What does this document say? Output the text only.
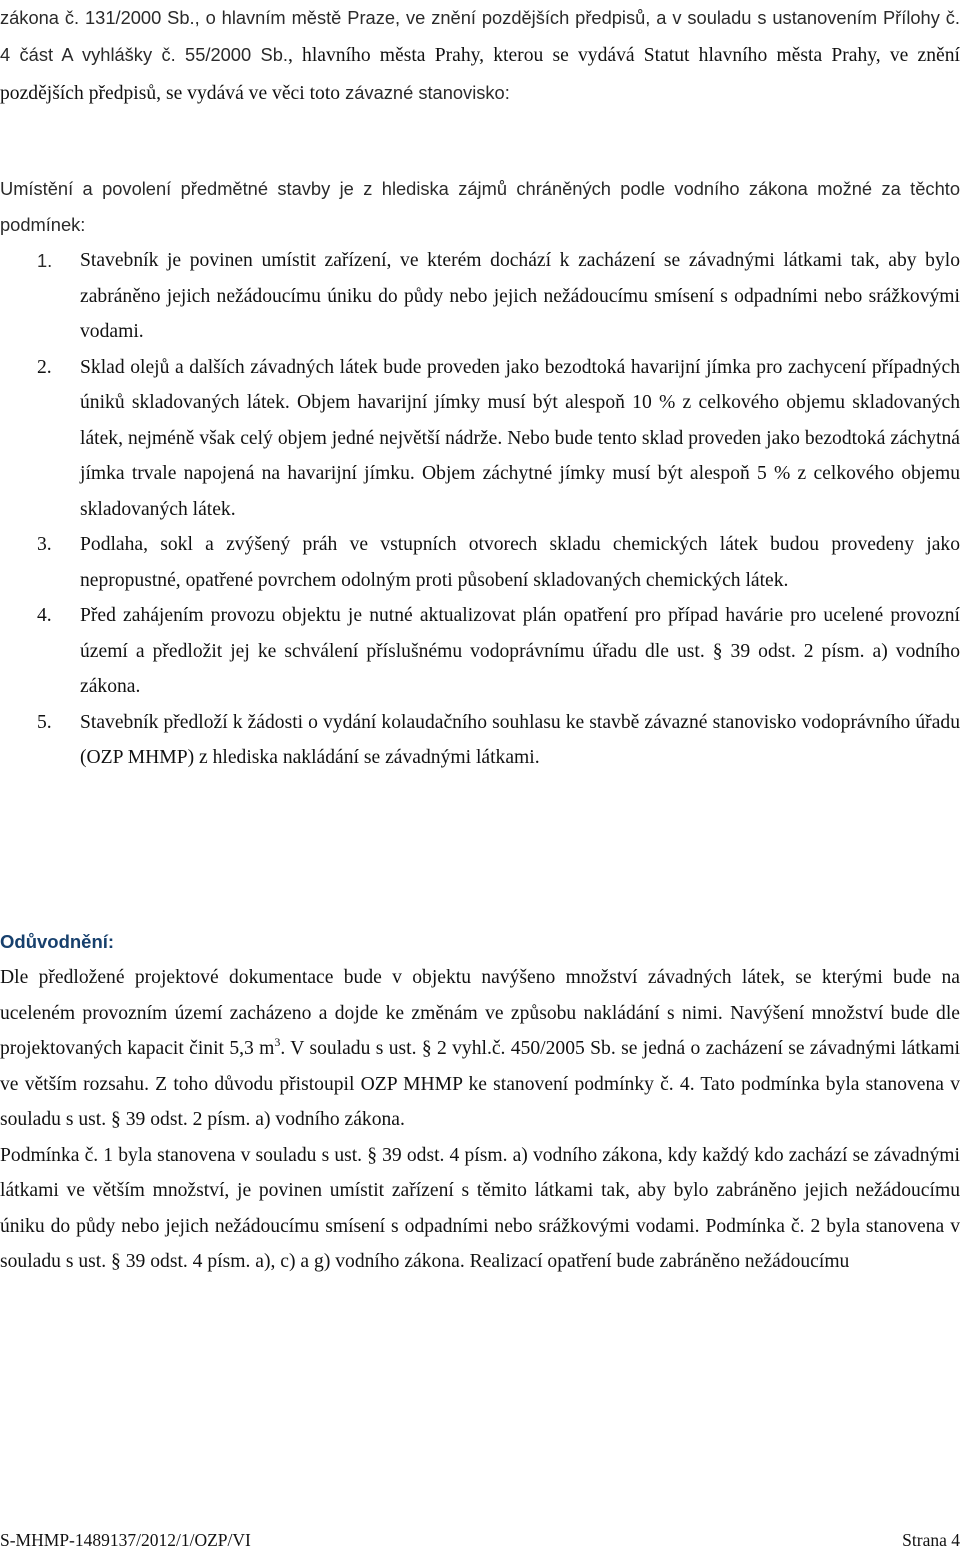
zákona č. 131/2000 Sb., o hlavním městě Praze, ve znění pozdějších předpisů, a v souladu s ustanovením Přílohy č. 4 část A vyhlášky č. 55/2000 Sb., hlavního města Prahy, kterou se vydává Statut hlavního města Prahy, ve znění pozdějších předpisů, se vydává ve věci toto závazné stanovisko:
Umístění a povolení předmětné stavby je z hlediska zájmů chráněných podle vodního zákona možné za těchto podmínek:

1. Stavebník je povinen umístit zařízení, ve kterém dochází k zacházení se závadnými látkami tak, aby bylo zabráněno jejich nežádoucímu úniku do půdy nebo jejich nežádoucímu smísení s odpadními nebo srážkovými vodami.

2. Sklad olejů a dalších závadných látek bude proveden jako bezodtoká havarijní jímka pro zachycení případných úniků skladovaných látek. Objem havarijní jímky musí být alespoň 10 % z celkového objemu skladovaných látek, nejméně však celý objem jedné největší nádrže. Nebo bude tento sklad proveden jako bezodtoká záchytná jímka trvale napojená na havarijní jímku. Objem záchytné jímky musí být alespoň 5 % z celkového objemu skladovaných látek.

3. Podlaha, sokl a zvýšený práh ve vstupních otvorech skladu chemických látek budou provedeny jako nepropustné, opatřené povrchem odolným proti působení skladovaných chemických látek.

4. Před zahájením provozu objektu je nutné aktualizovat plán opatření pro případ havárie pro ucelené provozní území a předložit jej ke schválení příslušnému vodoprávnímu úřadu dle ust. § 39 odst. 2 písm. a) vodního zákona.

5. Stavebník předloží k žádosti o vydání kolaudačního souhlasu ke stavbě závazné stanovisko vodoprávního úřadu (OZP MHMP) z hlediska nakládání se závadnými látkami.

Odůvodnění:

Dle předložené projektové dokumentace bude v objektu navýšeno množství závadných látek, se kterými bude na uceleném provozním území zacházeno a dojde ke změnám ve způsobu nakládání s nimi. Navýšení množství bude dle projektovaných kapacit činit 5,3 $m^3$. V souladu s ust. § 2 vyhl.č. 450/2005 Sb. se jedná o zacházení se závadnými látkami ve větším rozsahu. Z toho důvodu přistoupil OZP MHMP ke stanovení podmínky č. 4. Tato podmínka byla stanovena v souladu s ust. § 39 odst. 2 písm. a) vodního zákona.

Podmínka č. 1 byla stanovena v souladu s ust. § 39 odst. 4 písm. a) vodního zákona, kdy každý kdo zachází se závadnými látkami ve větším množství, je povinen umístit zařízení s těmito látkami tak, aby bylo zabráněno jejich nežádoucímu úniku do půdy nebo jejich nežádoucímu smísení s odpadními nebo srážkovými vodami. Podmínka č. 2 byla stanovena v souladu s ust. § 39 odst. 4 písm. a), c) a g) vodního zákona. Realizací opatření bude zabráněno nežádoucímu

S-MHMP-1489137/2012/1/OZP/VI	Strana 4
